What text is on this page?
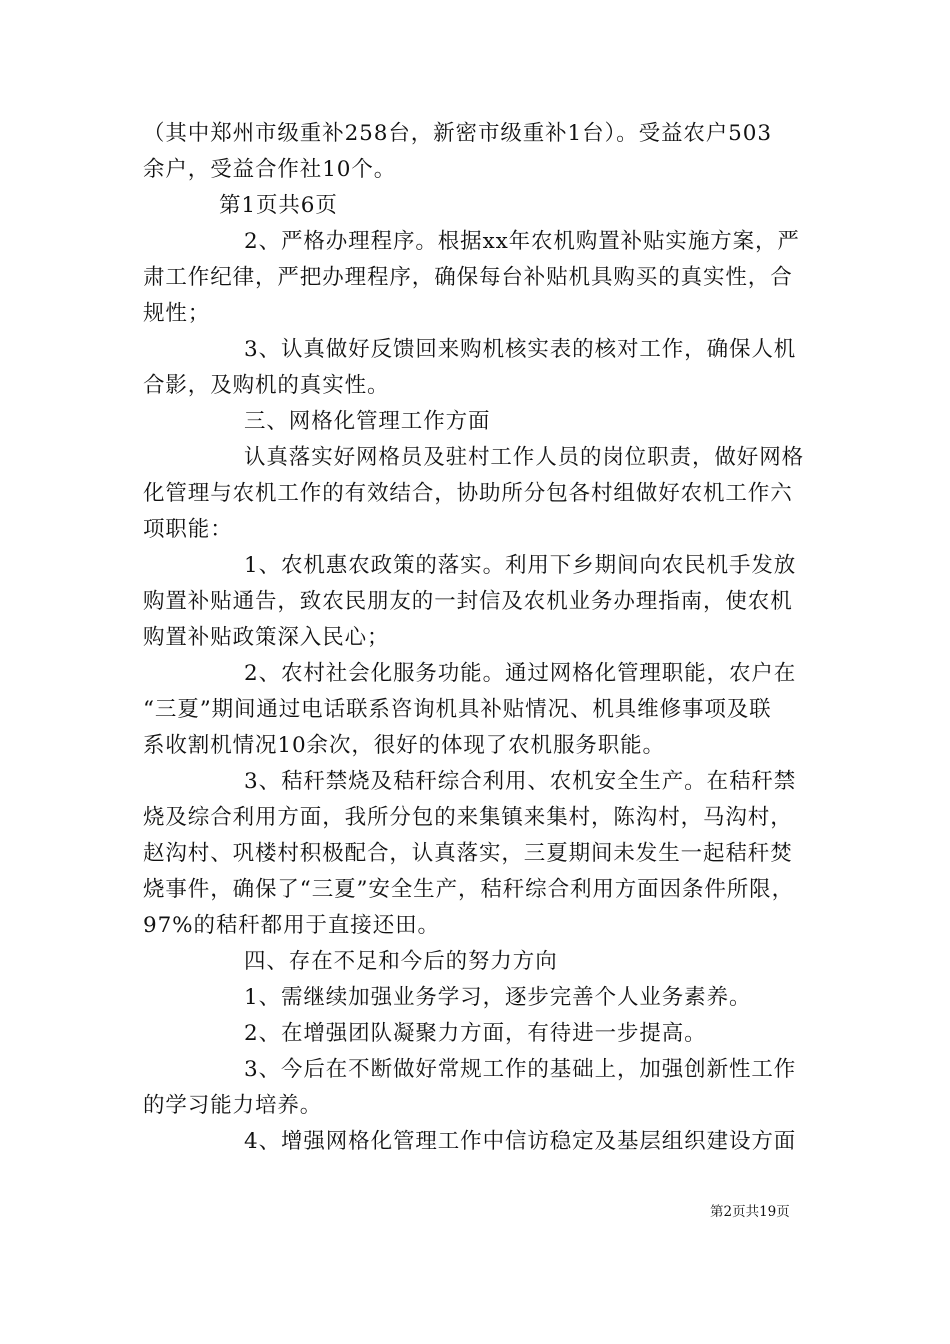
（其中郑州市级重补258台，新密市级重补1台）。受益农户503
余户，受益合作社10个。
第1页共6页
2、严格办理程序。根据xx年农机购置补贴实施方案，严
肃工作纪律，严把办理程序，确保每台补贴机具购买的真实性，合
规性；
3、认真做好反馈回来购机核实表的核对工作，确保人机
合影，及购机的真实性。
三、网格化管理工作方面
认真落实好网格员及驻村工作人员的岗位职责，做好网格
化管理与农机工作的有效结合，协助所分包各村组做好农机工作六
项职能：
1、农机惠农政策的落实。利用下乡期间向农民机手发放
购置补贴通告，致农民朋友的一封信及农机业务办理指南，使农机
购置补贴政策深入民心；
2、农村社会化服务功能。通过网格化管理职能，农户在
“三夏”期间通过电话联系咨询机具补贴情况、机具维修事项及联
系收割机情况10余次，很好的体现了农机服务职能。
3、秸秆禁烧及秸秆综合利用、农机安全生产。在秸秆禁
烧及综合利用方面，我所分包的来集镇来集村，陈沟村，马沟村，
赵沟村、巩楼村积极配合，认真落实，三夏期间未发生一起秸秆焚
烧事件，确保了“三夏”安全生产，秸秆综合利用方面因条件所限，
97%的秸秆都用于直接还田。
四、存在不足和今后的努力方向
1、需继续加强业务学习，逐步完善个人业务素养。
2、在增强团队凝聚力方面，有待进一步提高。
3、今后在不断做好常规工作的基础上，加强创新性工作
的学习能力培养。
4、增强网格化管理工作中信访稳定及基层组织建设方面
第2页共19页
